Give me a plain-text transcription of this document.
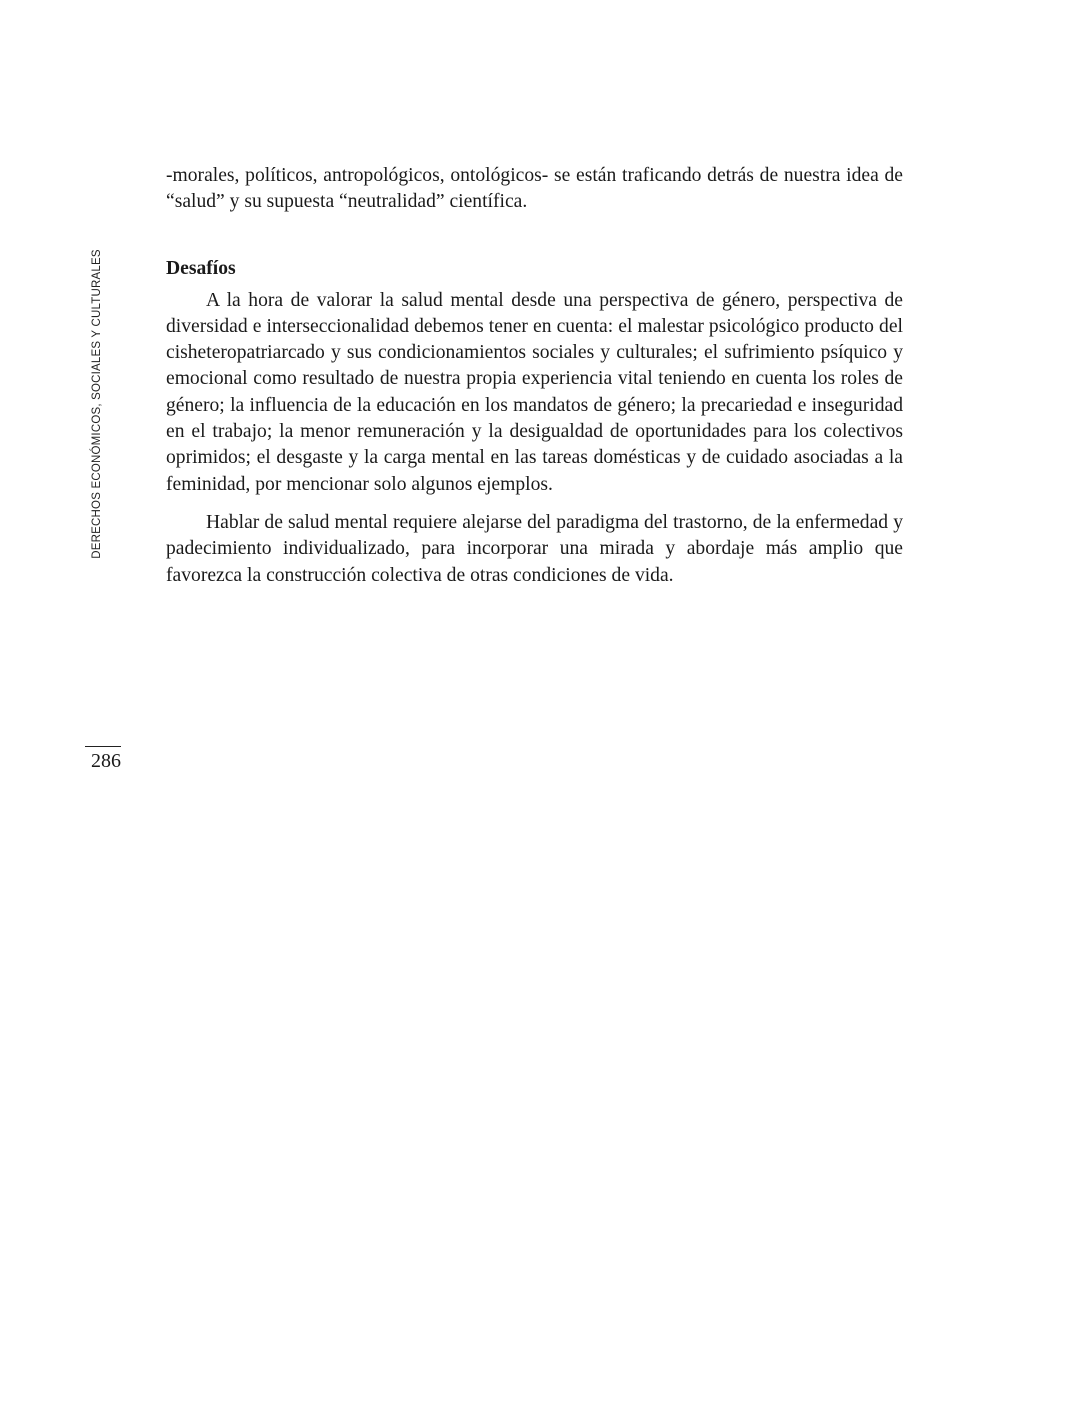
DERECHOS ECONÓMICOS, SOCIALES Y CULTURALES

-morales, políticos, antropológicos, ontológicos- se están traficando detrás de nuestra idea de “salud” y su supuesta “neutralidad” científica.

Desafíos

A la hora de valorar la salud mental desde una perspectiva de género, perspectiva de diversidad e interseccionalidad debemos tener en cuenta: el malestar psicológico producto del cisheteropatriarcado y sus condicionamientos sociales y culturales; el sufrimiento psíquico y emocional como resultado de nuestra propia experiencia vital teniendo en cuenta los roles de género; la influencia de la educación en los mandatos de género; la precariedad e inseguridad en el trabajo; la menor remuneración y la desigualdad de oportunidades para los colectivos oprimidos; el desgaste y la carga mental en las tareas domésticas y de cuidado asociadas a la feminidad, por mencionar solo algunos ejemplos.

Hablar de salud mental requiere alejarse del paradigma del trastorno, de la enfermedad y padecimiento individualizado, para incorporar una mirada y abordaje más amplio que favorezca la construcción colectiva de otras condiciones de vida.

286
